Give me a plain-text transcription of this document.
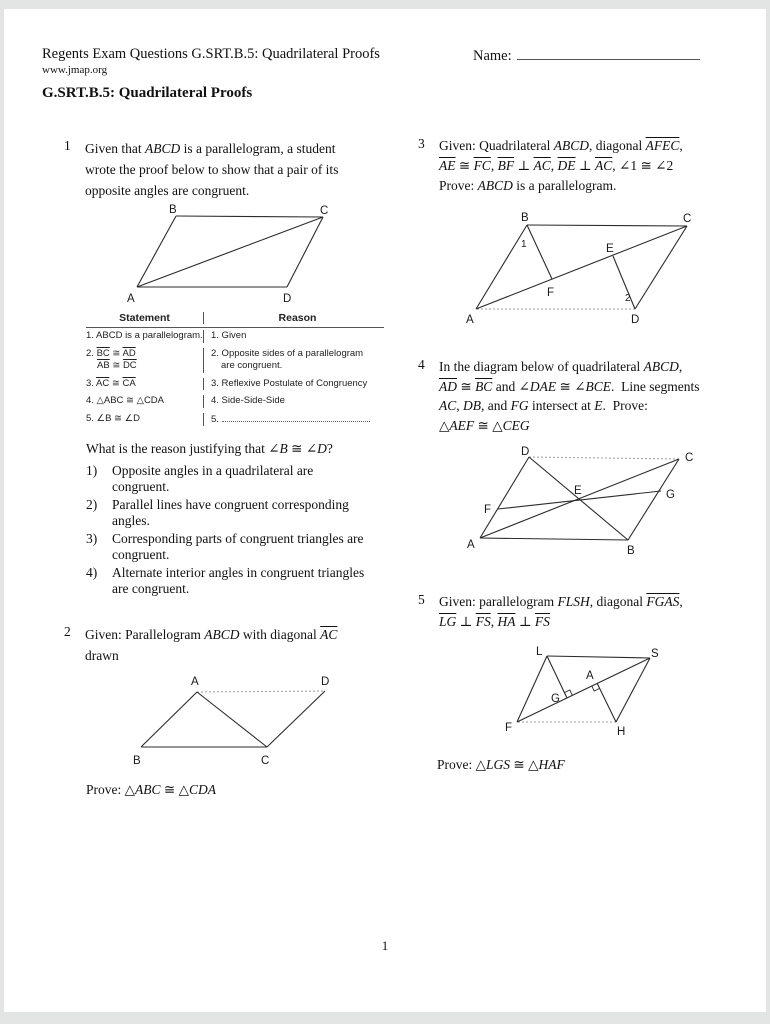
Regents Exam Questions G.SRT.B.5: Quadrilateral Proofs	Name:
www.jmap.org
G.SRT.B.5: Quadrilateral Proofs
1	Given that ABCD is a parallelogram, a student
wrote the proof below to show that a pair of its
opposite angles are congruent.
B	C
A	D
Statement	Reason
1. ABCD is a parallelogram. 1. Given
2. $\overline{BC}$ ≅ $\overline{AD}$
$\overline{AB}$ ≅ $\overline{DC}$
2. Opposite sides of a parallelogram
are congruent.
3. $\overline{AC}$ ≅ $\overline{CA}$	3. Reflexive Postulate of Congruency
4. △ABC ≅ △CDA	4. Side-Side-Side
5. ∠B ≅ ∠D	5.
What is the reason justifying that ∠B ≅ ∠D?
1)	Opposite angles in a quadrilateral are
congruent.
2)	Parallel lines have congruent corresponding
angles.
3)	Corresponding parts of congruent triangles are
congruent.
4)	Alternate interior angles in congruent triangles
are congruent.
2	Given: Parallelogram ABCD with diagonal $\overline{AC}$
drawn
A	D
B	C
Prove: △ABC ≅ △CDA
3	Given: Quadrilateral ABCD, diagonal AFEC,
$\overline{AE}$ ≅ $\overline{FC}$, $\overline{BF}$ ⊥ $\overline{AC}$, $\overline{DE}$ ⊥ $\overline{AC}$, ∠1 ≅ ∠2
Prove: ABCD is a parallelogram.
B	C
A	D
E
F
1
2
4	In the diagram below of quadrilateral ABCD,
$\overline{AD}$ ≅ $\overline{BC}$ and ∠DAE ≅ ∠BCE.  Line segments
AC, DB, and FG intersect at E.  Prove:
△AEF ≅ △CEG
D	C
A	B
E
F
G
5	Given: parallelogram FLSH, diagonal FGAS,
$\overline{LG}$ ⊥ $\overline{FS}$, $\overline{HA}$ ⊥ $\overline{FS}$
L	S
F	H
G
A
Prove: △LGS ≅ △HAF
1
